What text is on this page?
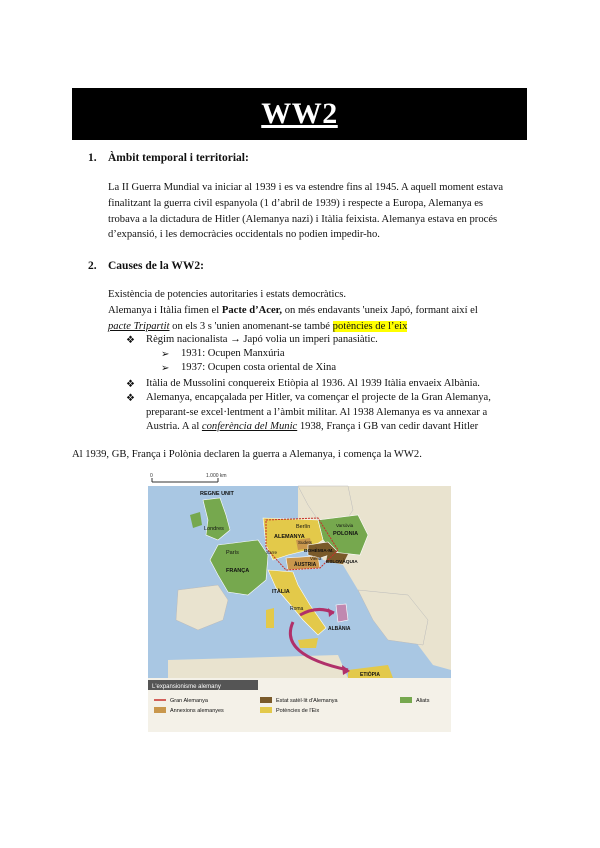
WW2
1. Àmbit temporal i territorial:
La II Guerra Mundial va iniciar al 1939 i es va estendre fins al 1945. A aquell moment estava
finalitzant la guerra civil espanyola (1 d’abril de 1939) i respecte a Europa, Alemanya es
trobava a la dictadura de Hitler (Alemanya nazi) i Itàlia feixista. Alemanya estava en procés
d’expansió, i les democràcies occidentals no podien impedir-ho.
2. Causes de la WW2:
Existència de potencies autoritaries i estats democràtics.
Alemanya i Itàlia fimen el Pacte d’Acer, on més endavants 'uneix Japó, formant així el
pacte Tripartit on els 3 s 'unien anomenant-se també potències de l’eix
❖ Règim nacionalista → Japó volia un imperi panasiàtic.
➢ 1931: Ocupen Manxúria
➢ 1937: Ocupen costa oriental de Xina
❖ Itàlia de Mussolini conquereix Etiòpia al 1936. Al 1939 Itàlia envaeix Albània.
❖ Alemanya, encapçalada per Hitler, va començar el projecte de la Gran Alemanya,
preparant-se excel·lentment a l’àmbit militar. Al 1938 Alemanya es va annexar a
Austria. A al conferència del Munic 1938, França i GB van cedir davant Hitler
Al 1939, GB, França i Polònia declaren la guerra a Alemanya, i comença la WW2.
0	1.000 km
REGNE UNIT
Londres
París
FRANÇA
Berlín
ALEMANYA	POLONIA
Varsòvia
Sudets
BOHÈMIA-M.
ESLOVÀQUIA
ÀUSTRIA
Viena
Sarre
ITÀLIA
Roma
ALBÀNIA
ETIÒPIA
L'expansionisme alemany
Gran Alemanya
Annexions alemanyes
Estat satèl·lit d'Alemanya
Potències de l'Eix
Aliats
